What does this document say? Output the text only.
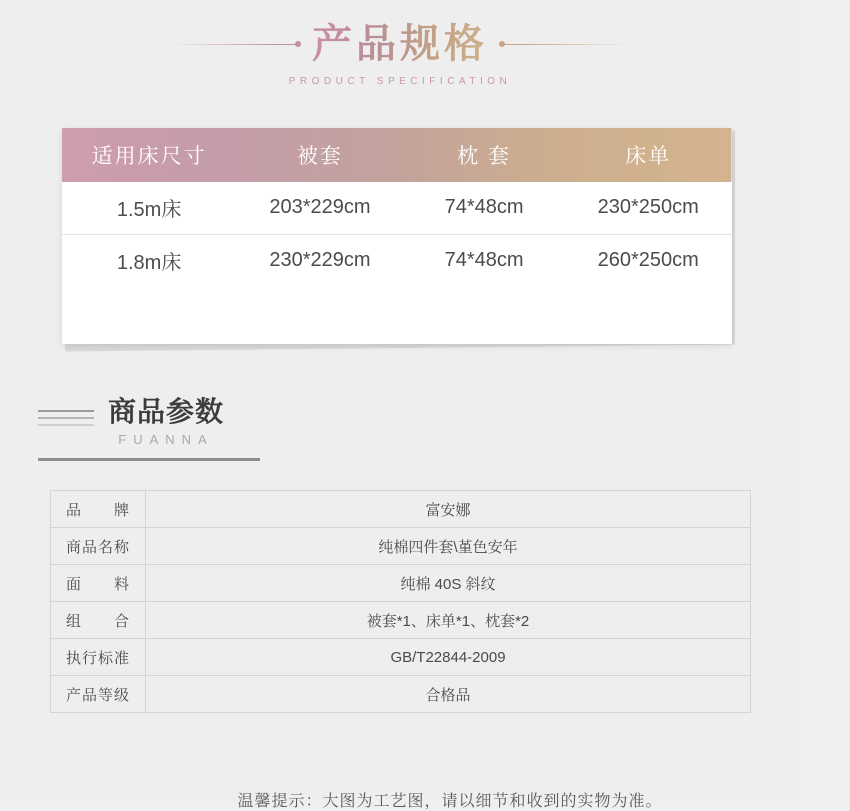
产品规格
PRODUCT SPECIFICATION
适用床尺寸	被套	枕 套	床单
1.5m床	203*229cm	74*48cm	230*250cm
1.8m床	230*229cm	74*48cm	260*250cm
商品参数
FUANNA
品　　牌	富安娜
商品名称	纯棉四件套\堇色安年
面　　料	纯棉 40S 斜纹
组　　合	被套*1、床单*1、枕套*2
执行标准	GB/T22844-2009
产品等级	合格品
温馨提示：大图为工艺图，请以细节和收到的实物为准。
